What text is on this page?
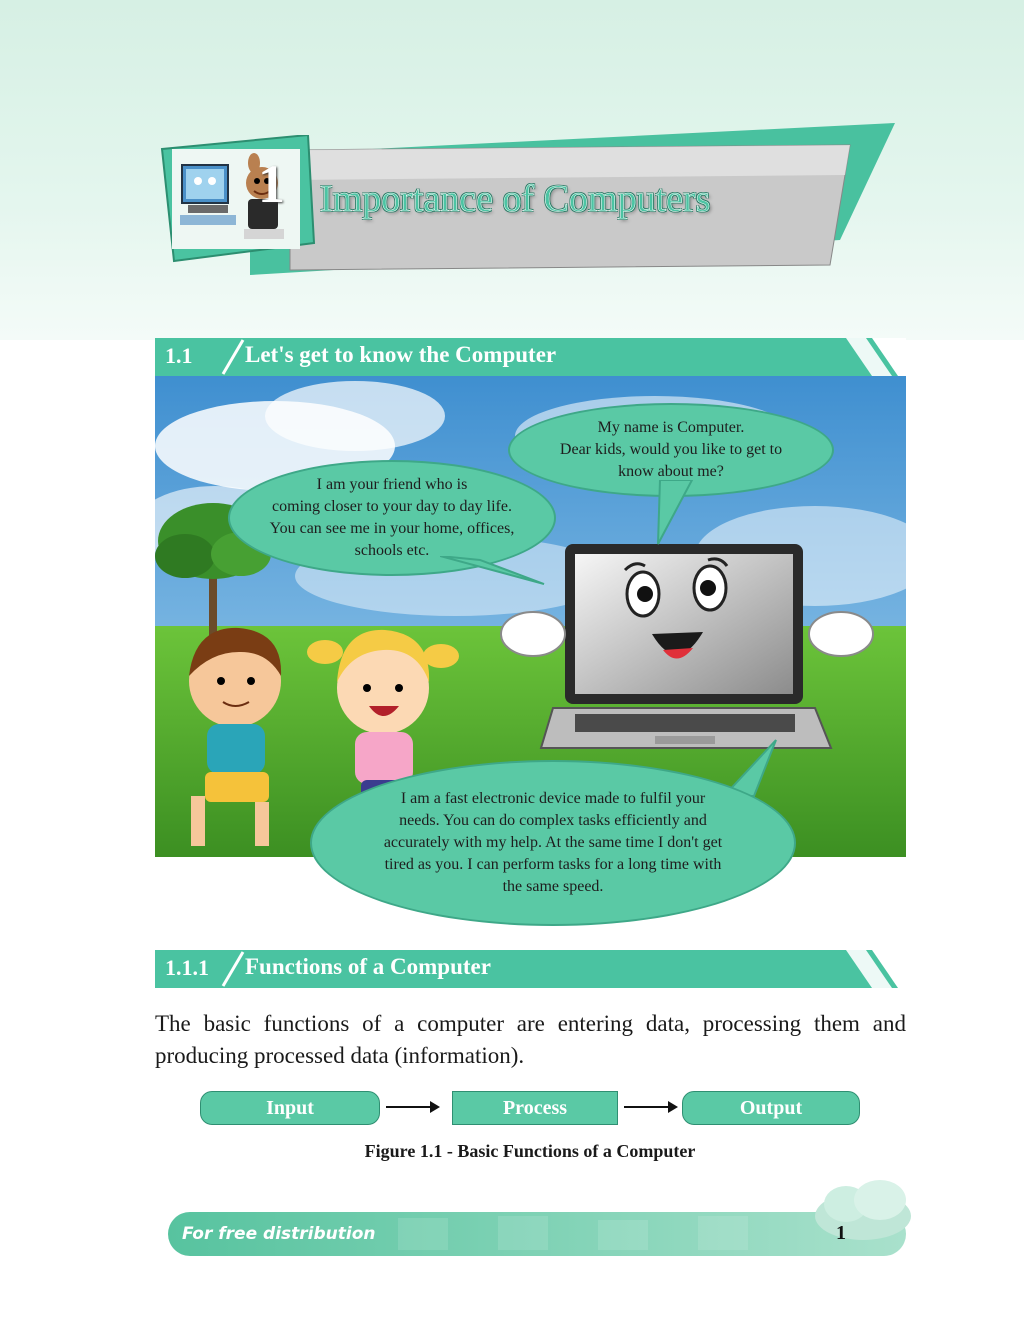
1 Importance of Computers
1.1	Let's get to know the Computer
My name is Computer.
Dear kids, would you like to get to
know about me?
I am your friend who is
coming closer to your day to day life.
You can see me in your home, offices,
schools etc.
I am a fast electronic device made to fulfil your
needs. You can do complex tasks efficiently and
accurately with my help. At the same time I don't get
tired as you. I can perform tasks for a long time with
the same speed.
1.1.1	Functions of a Computer
The basic functions of a computer are entering data, processing them and producing processed data (information).
Input	Process	Output
Figure 1.1 - Basic Functions of a Computer
For free distribution	1
